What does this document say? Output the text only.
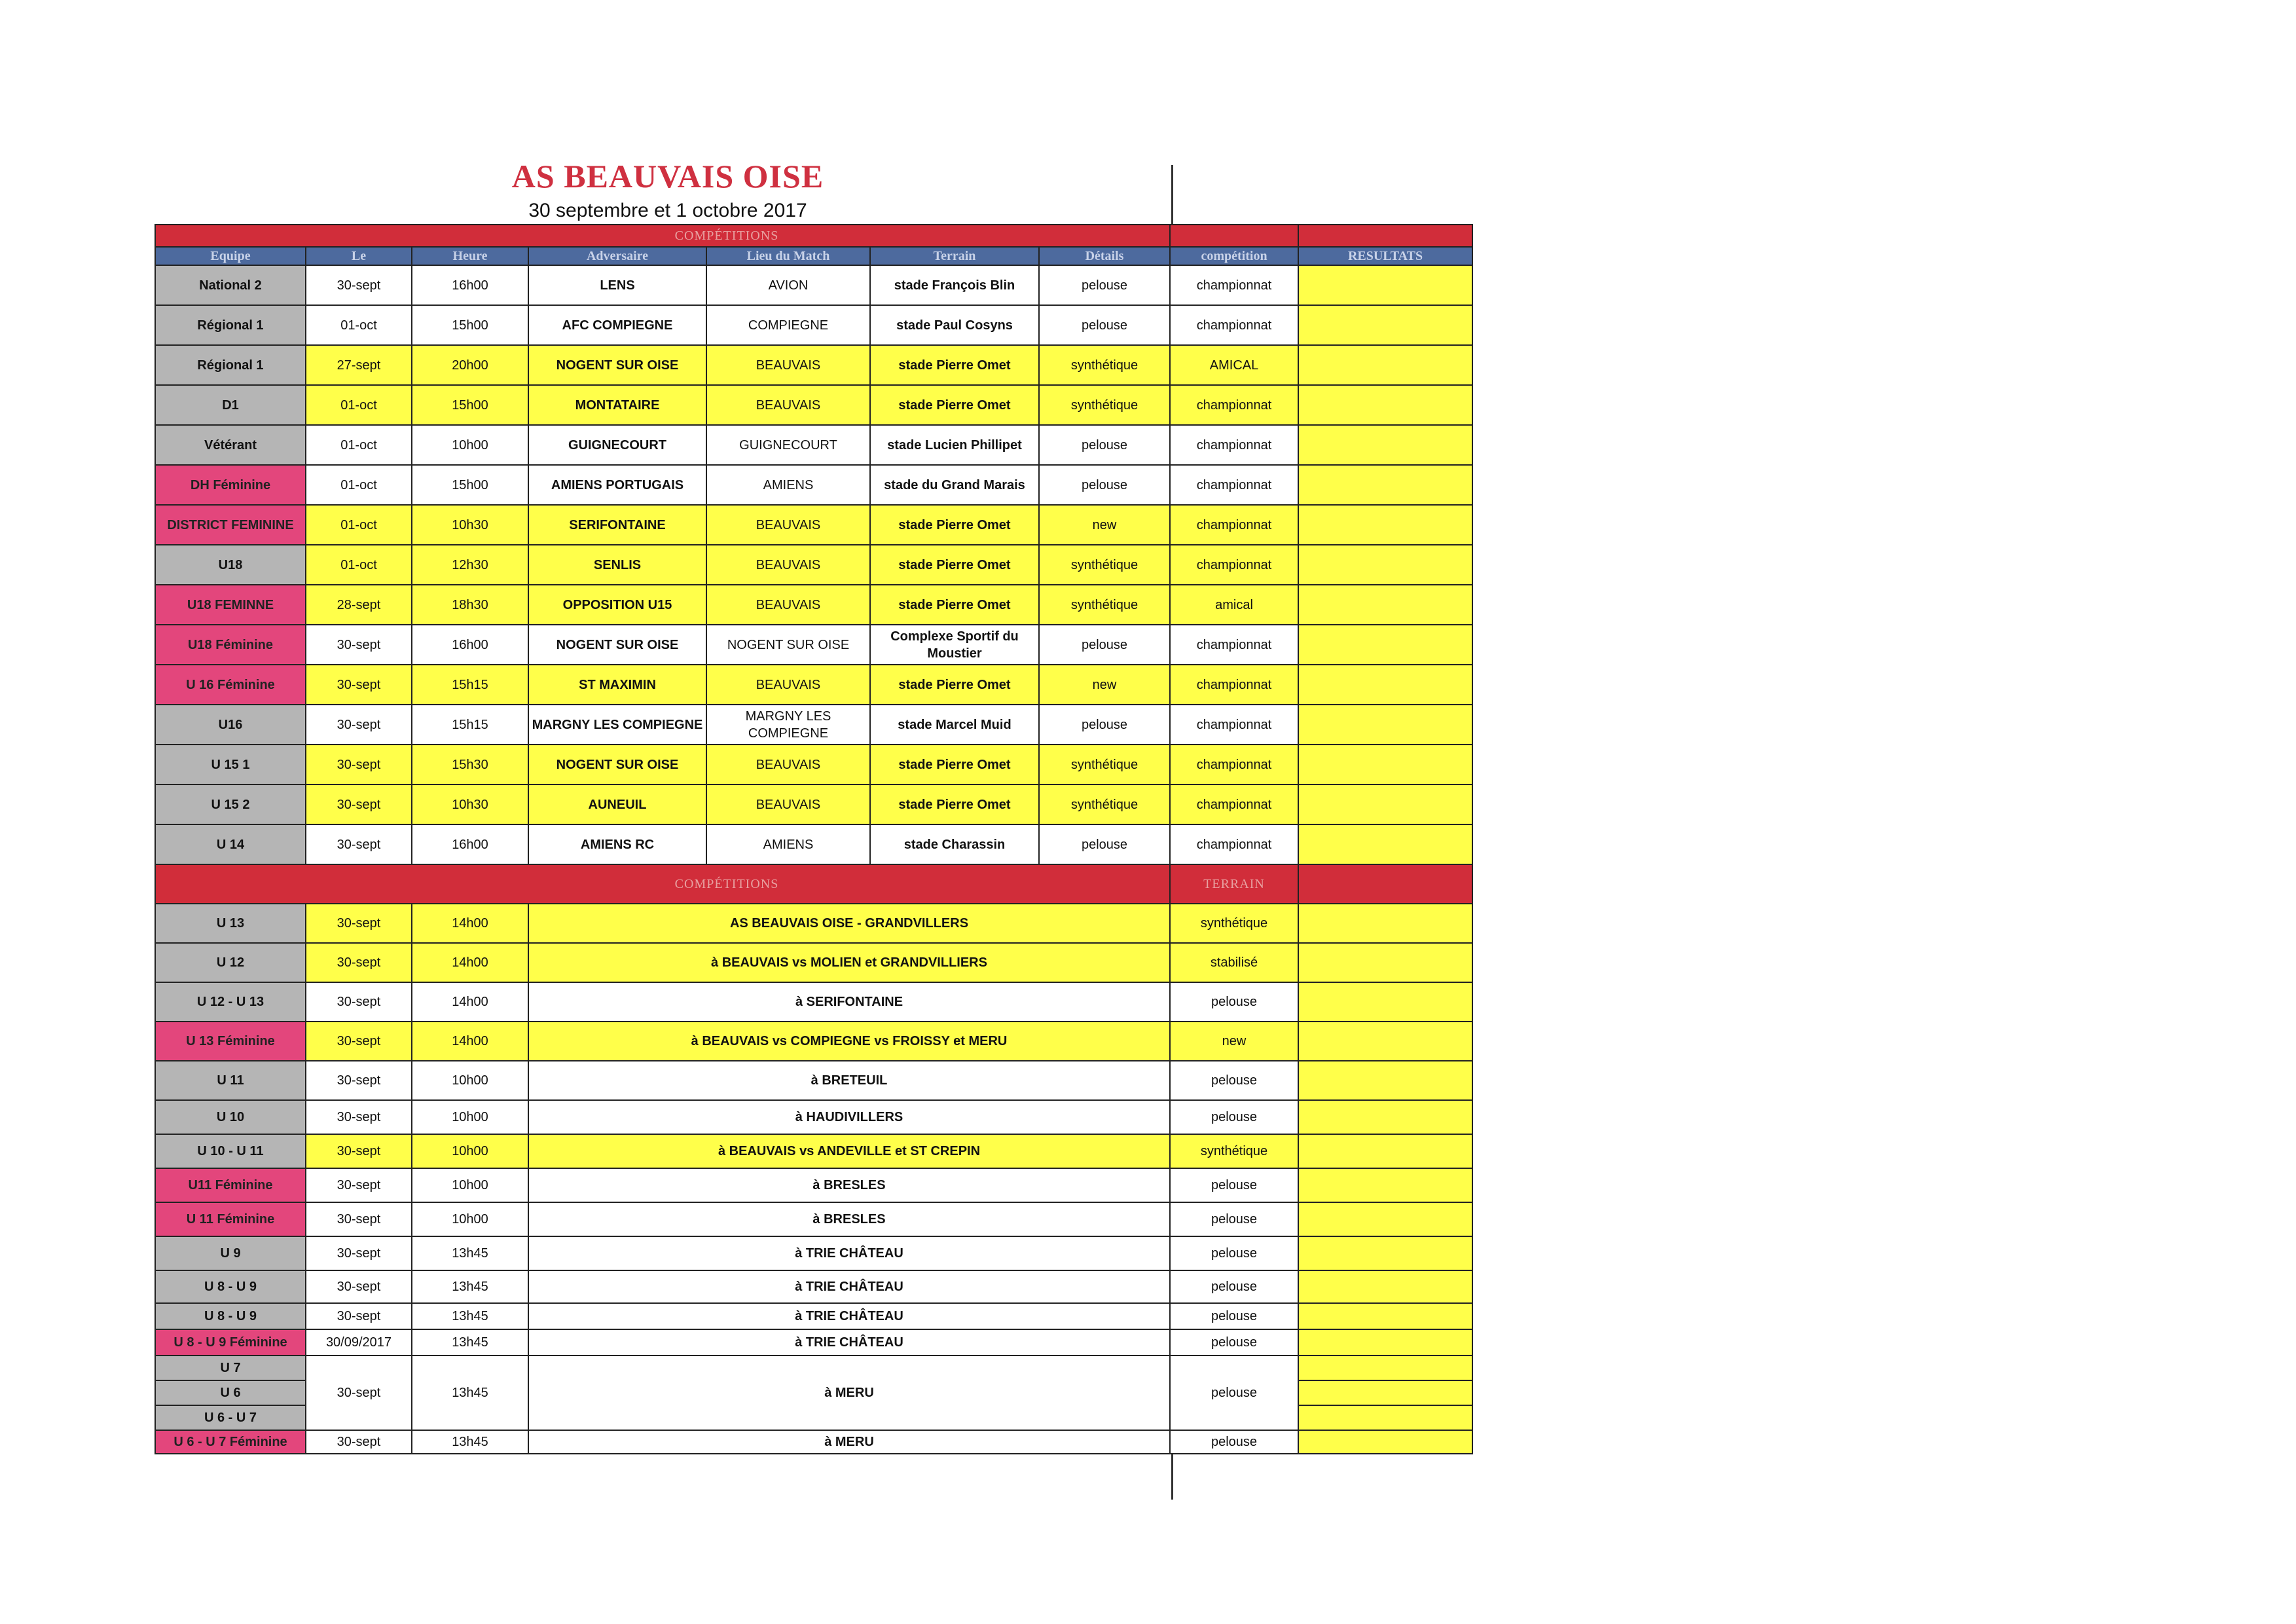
AS BEAUVAIS OISE
30 septembre et 1 octobre 2017
COMPÉTITIONS								
Equipe	Le	Heure	Adversaire	Lieu du Match	Terrain	Détails	compétition	RESULTATS
National 2	30-sept	16h00	LENS	AVION	stade François Blin	pelouse	championnat	
Régional 1	01-oct	15h00	AFC COMPIEGNE	COMPIEGNE	stade Paul Cosyns	pelouse	championnat	
Régional 1	27-sept	20h00	NOGENT SUR OISE	BEAUVAIS	stade Pierre Omet	synthétique	AMICAL	
D1	01-oct	15h00	MONTATAIRE	BEAUVAIS	stade Pierre Omet	synthétique	championnat	
Vétérant	01-oct	10h00	GUIGNECOURT	GUIGNECOURT	stade Lucien Phillipet	pelouse	championnat	
DH Féminine	01-oct	15h00	AMIENS PORTUGAIS	AMIENS	stade du Grand Marais	pelouse	championnat	
DISTRICT FEMININE	01-oct	10h30	SERIFONTAINE	BEAUVAIS	stade Pierre Omet	new	championnat	
U18	01-oct	12h30	SENLIS	BEAUVAIS	stade Pierre Omet	synthétique	championnat	
U18 FEMINNE	28-sept	18h30	OPPOSITION U15	BEAUVAIS	stade Pierre Omet	synthétique	amical	
U18 Féminine	30-sept	16h00	NOGENT SUR OISE	NOGENT SUR OISE	Complexe Sportif du Moustier	pelouse	championnat	
U 16 Féminine	30-sept	15h15	ST MAXIMIN	BEAUVAIS	stade Pierre Omet	new	championnat	
U16	30-sept	15h15	MARGNY LES COMPIEGNE	MARGNY LES COMPIEGNE	stade Marcel Muid	pelouse	championnat	
U 15 1	30-sept	15h30	NOGENT SUR OISE	BEAUVAIS	stade Pierre Omet	synthétique	championnat	
U 15 2	30-sept	10h30	AUNEUIL	BEAUVAIS	stade Pierre Omet	synthétique	championnat	
U 14	30-sept	16h00	AMIENS RC	AMIENS	stade Charassin	pelouse	championnat	
COMPÉTITIONS							TERRAIN	
U 13	30-sept	14h00	AS BEAUVAIS OISE - GRANDVILLERS				synthétique	
U 12	30-sept	14h00	à BEAUVAIS vs MOLIEN et GRANDVILLIERS				stabilisé	
U 12 - U 13	30-sept	14h00	à SERIFONTAINE				pelouse	
U 13 Féminine	30-sept	14h00	à BEAUVAIS vs COMPIEGNE vs FROISSY et MERU				new	
U 11	30-sept	10h00	à BRETEUIL				pelouse	
U 10	30-sept	10h00	à HAUDIVILLERS				pelouse	
U 10 - U 11	30-sept	10h00	à BEAUVAIS vs ANDEVILLE et ST CREPIN				synthétique	
U11 Féminine	30-sept	10h00	à BRESLES				pelouse	
U 11 Féminine	30-sept	10h00	à BRESLES				pelouse	
U 9	30-sept	13h45	à TRIE CHÂTEAU				pelouse	
U 8 - U 9	30-sept	13h45	à TRIE CHÂTEAU				pelouse	
U 8 - U 9	30-sept	13h45	à TRIE CHÂTEAU				pelouse	
U 8 - U 9 Féminine	30/09/2017	13h45	à TRIE CHÂTEAU				pelouse	
U 7	30-sept	13h45	à MERU				pelouse	
U 6								
U 6 - U 7								
U 6 - U 7 Féminine	30-sept	13h45	à MERU				pelouse	
